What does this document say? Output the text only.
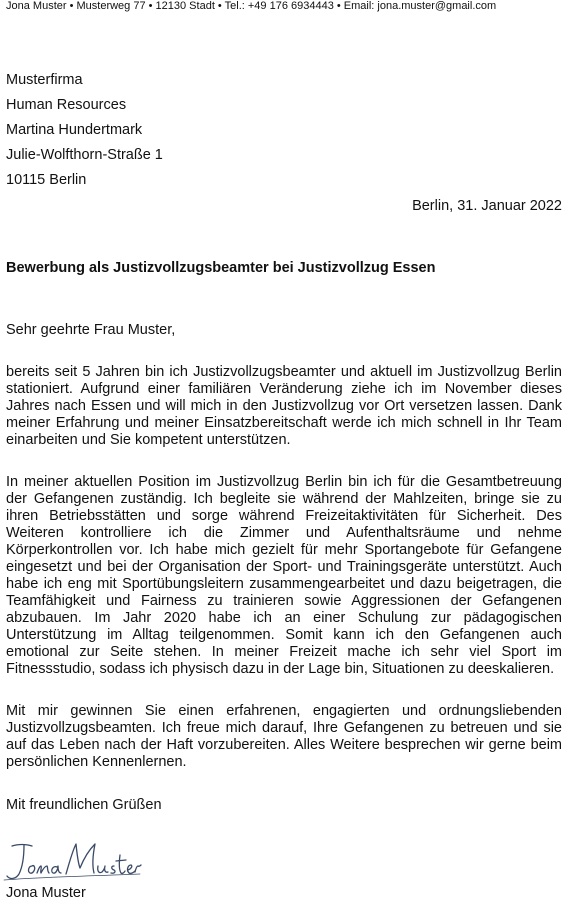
Jona Muster • Musterweg 77 • 12130 Stadt • Tel.: +49 176 6934443 • Email: jona.muster@gmail.com
Musterfirma
Human Resources
Martina Hundertmark
Julie-Wolfthorn-Straße 1
10115 Berlin
Berlin, 31. Januar 2022
Bewerbung als Justizvollzugsbeamter bei Justizvollzug Essen
Sehr geehrte Frau Muster,

bereits seit 5 Jahren bin ich Justizvollzugsbeamter und aktuell im Justizvollzug Berlin stationiert. Aufgrund einer familiären Veränderung ziehe ich im November dieses Jahres nach Essen und will mich in den Justizvollzug vor Ort versetzen lassen. Dank meiner Erfahrung und meiner Einsatzbereitschaft werde ich mich schnell in Ihr Team einarbeiten und Sie kompetent unterstützen.

In meiner aktuellen Position im Justizvollzug Berlin bin ich für die Gesamtbetreuung der Gefangenen zuständig. Ich begleite sie während der Mahlzeiten, bringe sie zu ihren Betriebsstätten und sorge während Freizeitaktivitäten für Sicherheit. Des Weiteren kontrolliere ich die Zimmer und Aufenthaltsräume und nehme Körperkontrollen vor. Ich habe mich gezielt für mehr Sportangebote für Gefangene eingesetzt und bei der Organisation der Sport- und Trainingsgeräte unterstützt. Auch habe ich eng mit Sportübungsleitern zusammengearbeitet und dazu beigetragen, die Teamfähigkeit und Fairness zu trainieren sowie Aggressionen der Gefangenen abzubauen. Im Jahr 2020 habe ich an einer Schulung zur pädagogischen Unterstützung im Alltag teilgenommen. Somit kann ich den Gefangenen auch emotional zur Seite stehen. In meiner Freizeit mache ich sehr viel Sport im Fitnessstudio, sodass ich physisch dazu in der Lage bin, Situationen zu deeskalieren.

Mit mir gewinnen Sie einen erfahrenen, engagierten und ordnungsliebenden Justizvollzugsbeamten. Ich freue mich darauf, Ihre Gefangenen zu betreuen und sie auf das Leben nach der Haft vorzubereiten. Alles Weitere besprechen wir gerne beim persönlichen Kennenlernen.

Mit freundlichen Grüßen
Jona Muster
